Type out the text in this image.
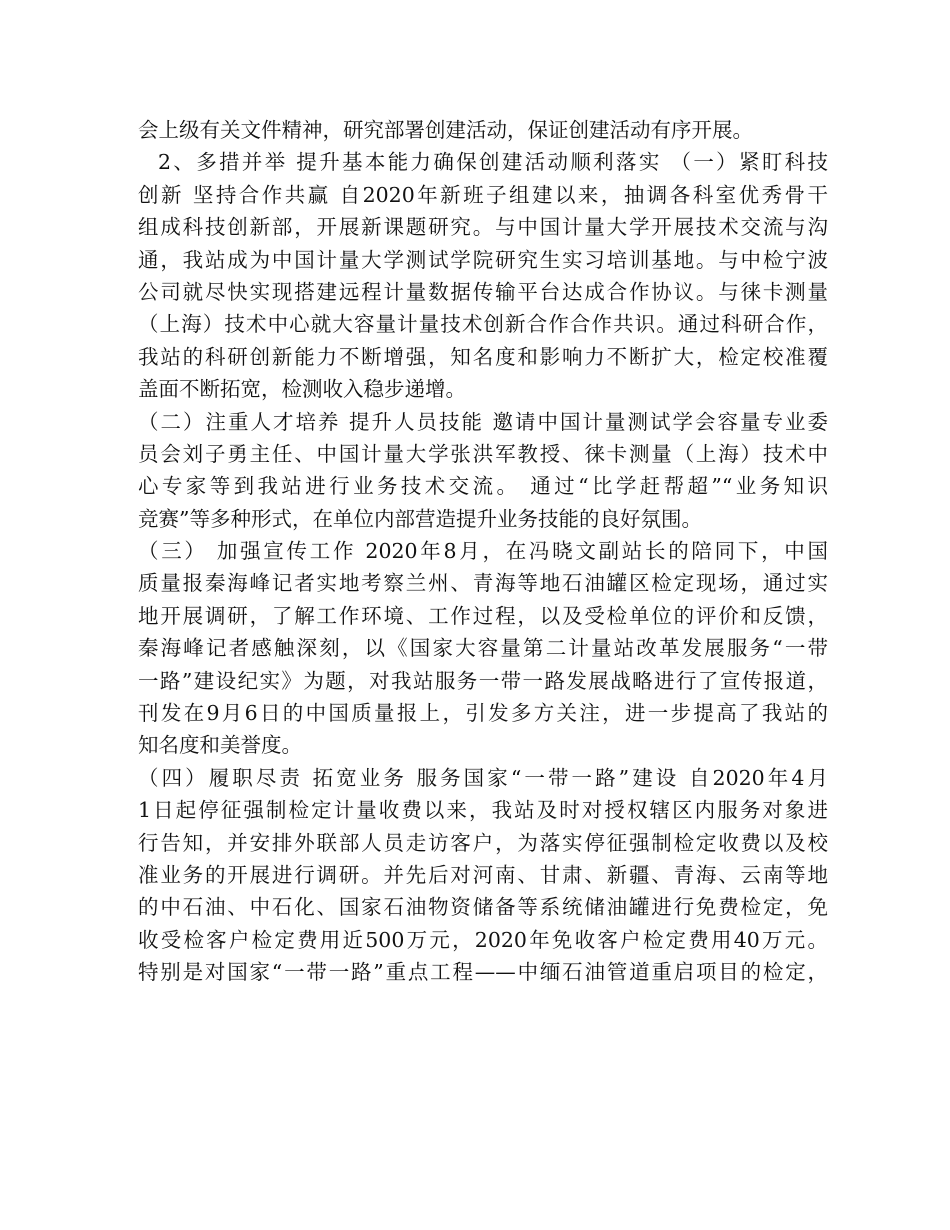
会上级有关文件精神，研究部署创建活动，保证创建活动有序开展。
2、多措并举 提升基本能力确保创建活动顺利落实 （一）紧盯科技
创新 坚持合作共赢 自2020年新班子组建以来，抽调各科室优秀骨干
组成科技创新部，开展新课题研究。与中国计量大学开展技术交流与沟
通，我站成为中国计量大学测试学院研究生实习培训基地。与中检宁波
公司就尽快实现搭建远程计量数据传输平台达成合作协议。与徕卡测量
（上海）技术中心就大容量计量技术创新合作合作共识。通过科研合作，
我站的科研创新能力不断增强，知名度和影响力不断扩大，检定校准覆
盖面不断拓宽，检测收入稳步递增。
（二）注重人才培养 提升人员技能 邀请中国计量测试学会容量专业委
员会刘子勇主任、中国计量大学张洪军教授、徕卡测量（上海）技术中
心专家等到我站进行业务技术交流。 通过“比学赶帮超”“业务知识
竞赛”等多种形式，在单位内部营造提升业务技能的良好氛围。
（三） 加强宣传工作 2020年8月，在冯晓文副站长的陪同下，中国
质量报秦海峰记者实地考察兰州、青海等地石油罐区检定现场，通过实
地开展调研，了解工作环境、工作过程，以及受检单位的评价和反馈，
秦海峰记者感触深刻，以《国家大容量第二计量站改革发展服务“一带
一路”建设纪实》为题，对我站服务一带一路发展战略进行了宣传报道，
刊发在9月6日的中国质量报上，引发多方关注，进一步提高了我站的
知名度和美誉度。
（四）履职尽责 拓宽业务 服务国家“一带一路”建设 自2020年4月
1日起停征强制检定计量收费以来，我站及时对授权辖区内服务对象进
行告知，并安排外联部人员走访客户，为落实停征强制检定收费以及校
准业务的开展进行调研。并先后对河南、甘肃、新疆、青海、云南等地
的中石油、中石化、国家石油物资储备等系统储油罐进行免费检定，免
收受检客户检定费用近500万元，2020年免收客户检定费用40万元。
特别是对国家“一带一路”重点工程——中缅石油管道重启项目的检定，
